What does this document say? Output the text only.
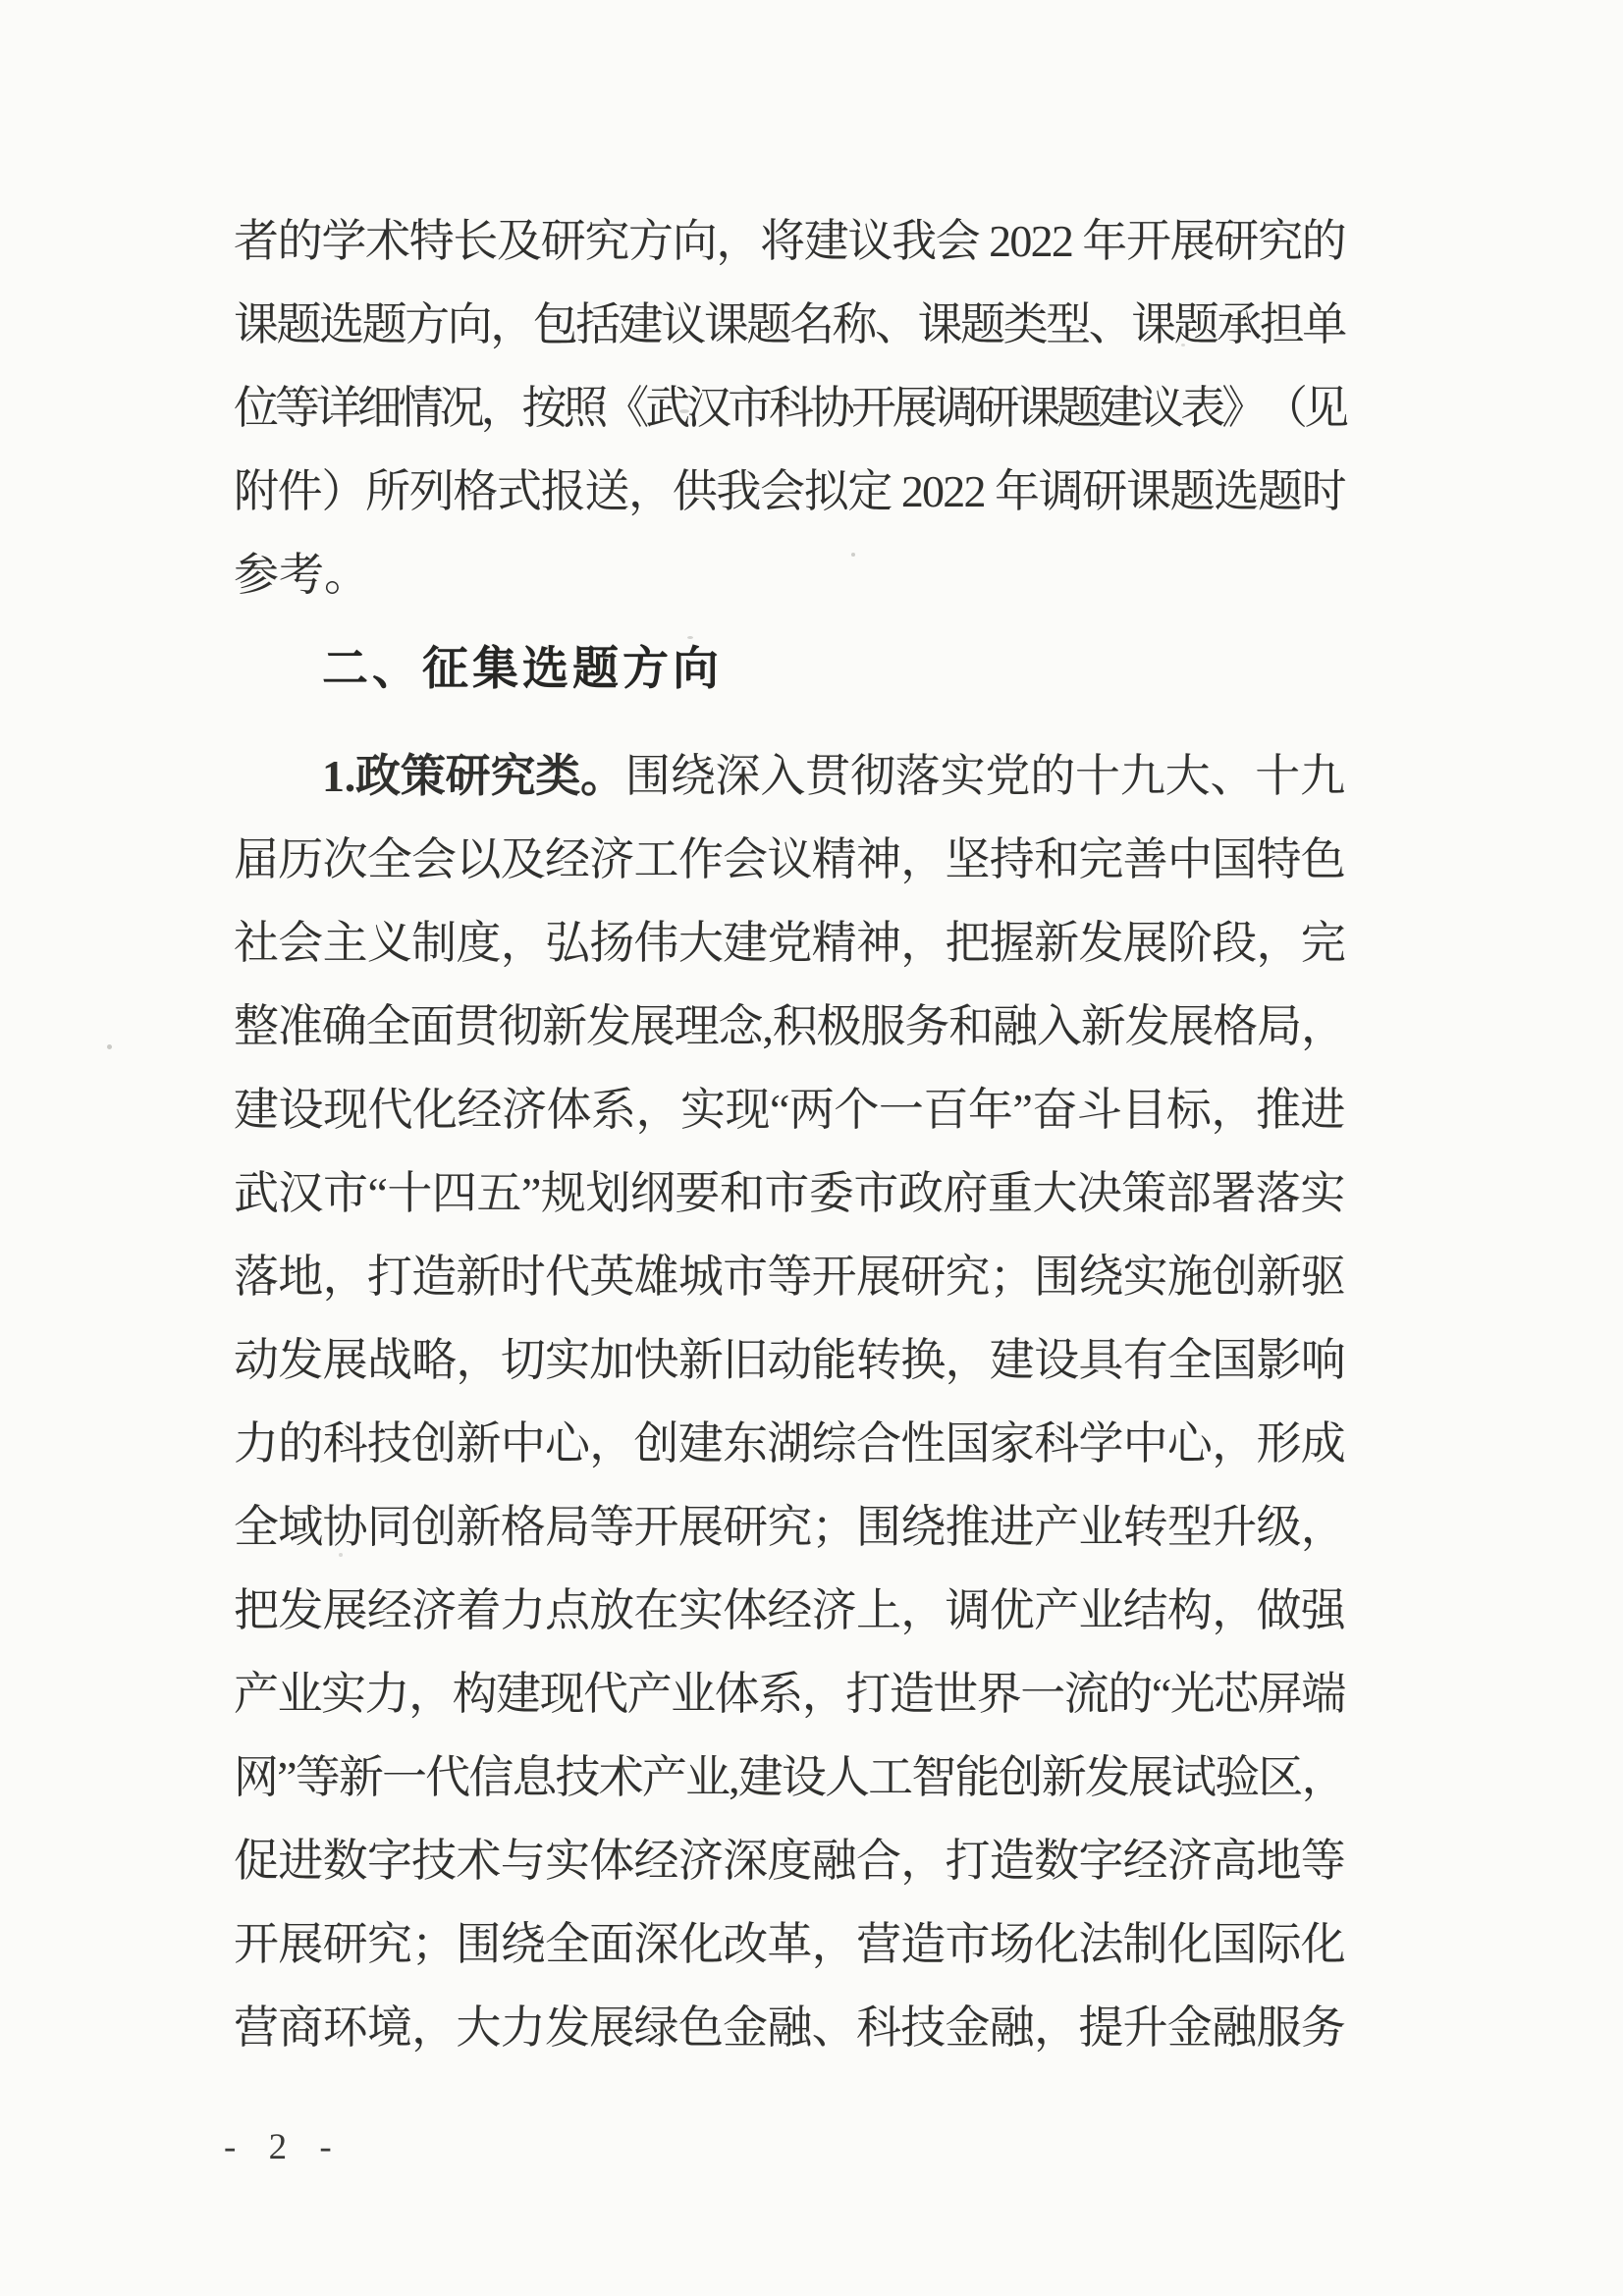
者 的 学 术 特 长 及 研 究 方 向 ， 将 建 议 我 会 2022 年 开 展 研 究 的
课 题 选 题 方 向 ， 包 括 建 议 课 题 名 称 、 课 题 类 型 、 课 题 承 担 单
位 等 详 细 情 况 ， 按 照 《 武 汉 市 科 协 开 展 调 研 课 题 建 议 表 》 （ 见
附 件 ） 所 列 格 式 报 送 ， 供 我 会 拟 定 2022 年 调 研 课 题 选 题 时
参考。
二、征集选题方向
1. 政 策 研 究 类 。 围 绕 深 入 贯 彻 落 实 党 的 十 九 大 、 十 九
届 历 次 全 会 以 及 经 济 工 作 会 议 精 神 ， 坚 持 和 完 善 中 国 特 色
社 会 主 义 制 度 ， 弘 扬 伟 大 建 党 精 神 ， 把 握 新 发 展 阶 段 ， 完
整 准 确 全 面 贯 彻 新 发 展 理 念 , 积 极 服 务 和 融 入 新 发 展 格 局 ，
建 设 现 代 化 经 济 体 系 ， 实 现 “ 两 个 一 百 年 ” 奋 斗 目 标 ， 推 进
武 汉 市 “ 十 四 五 ” 规 划 纲 要 和 市 委 市 政 府 重 大 决 策 部 署 落 实
落 地 ， 打 造 新 时 代 英 雄 城 市 等 开 展 研 究 ； 围 绕 实 施 创 新 驱
动 发 展 战 略 ， 切 实 加 快 新 旧 动 能 转 换 ， 建 设 具 有 全 国 影 响
力 的 科 技 创 新 中 心 ， 创 建 东 湖 综 合 性 国 家 科 学 中 心 ， 形 成
全 域 协 同 创 新 格 局 等 开 展 研 究 ； 围 绕 推 进 产 业 转 型 升 级 ，
把 发 展 经 济 着 力 点 放 在 实 体 经 济 上 ， 调 优 产 业 结 构 ， 做 强
产 业 实 力 ， 构 建 现 代 产 业 体 系 ， 打 造 世 界 一 流 的 “ 光 芯 屏 端
网 ” 等 新 一 代 信 息 技 术 产 业 , 建 设 人 工 智 能 创 新 发 展 试 验 区 ，
促 进 数 字 技 术 与 实 体 经 济 深 度 融 合 ， 打 造 数 字 经 济 高 地 等
开 展 研 究 ； 围 绕 全 面 深 化 改 革 ， 营 造 市 场 化 法 制 化 国 际 化
营 商 环 境 ， 大 力 发 展 绿 色 金 融 、 科 技 金 融 ， 提 升 金 融 服 务
- 2 -
